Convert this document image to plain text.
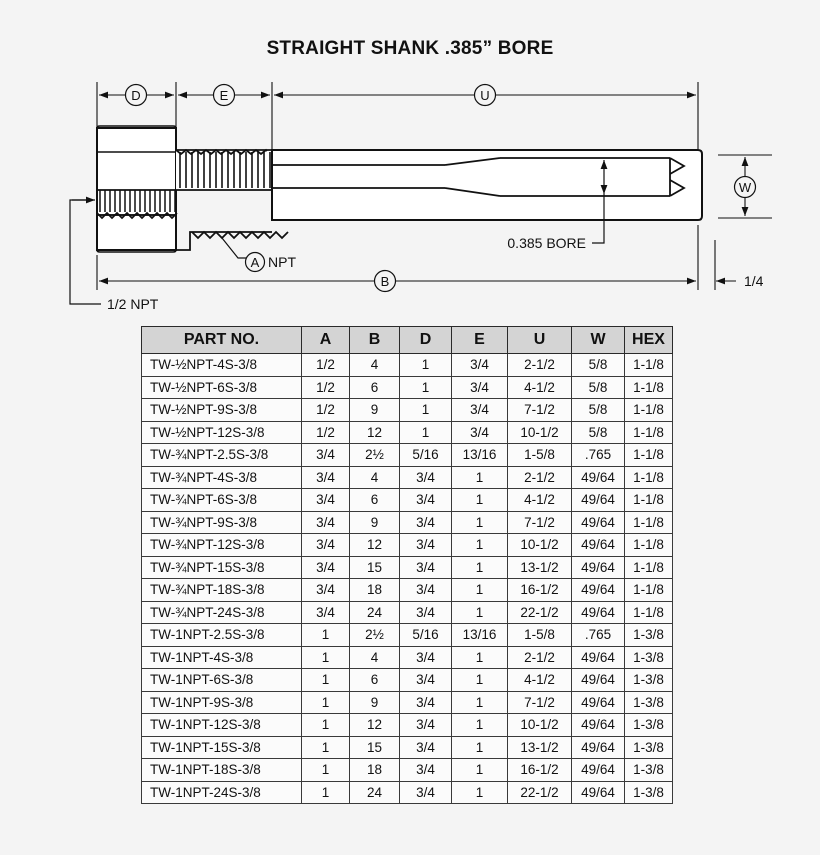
STRAIGHT SHANK .385” BORE
D	E	U
0.385 BORE
A NPT
1/2 NPT
B
W
1/4
PART NO.	A	B	D	E	U	W	HEX
TW-½NPT-4S-3/8	1/2	4	1	3/4	2-1/2	5/8	1-1/8
TW-½NPT-6S-3/8	1/2	6	1	3/4	4-1/2	5/8	1-1/8
TW-½NPT-9S-3/8	1/2	9	1	3/4	7-1/2	5/8	1-1/8
TW-½NPT-12S-3/8	1/2	12	1	3/4	10-1/2	5/8	1-1/8
TW-¾NPT-2.5S-3/8	3/4	2½	5/16	13/16	1-5/8	.765	1-1/8
TW-¾NPT-4S-3/8	3/4	4	3/4	1	2-1/2	49/64	1-1/8
TW-¾NPT-6S-3/8	3/4	6	3/4	1	4-1/2	49/64	1-1/8
TW-¾NPT-9S-3/8	3/4	9	3/4	1	7-1/2	49/64	1-1/8
TW-¾NPT-12S-3/8	3/4	12	3/4	1	10-1/2	49/64	1-1/8
TW-¾NPT-15S-3/8	3/4	15	3/4	1	13-1/2	49/64	1-1/8
TW-¾NPT-18S-3/8	3/4	18	3/4	1	16-1/2	49/64	1-1/8
TW-¾NPT-24S-3/8	3/4	24	3/4	1	22-1/2	49/64	1-1/8
TW-1NPT-2.5S-3/8	1	2½	5/16	13/16	1-5/8	.765	1-3/8
TW-1NPT-4S-3/8	1	4	3/4	1	2-1/2	49/64	1-3/8
TW-1NPT-6S-3/8	1	6	3/4	1	4-1/2	49/64	1-3/8
TW-1NPT-9S-3/8	1	9	3/4	1	7-1/2	49/64	1-3/8
TW-1NPT-12S-3/8	1	12	3/4	1	10-1/2	49/64	1-3/8
TW-1NPT-15S-3/8	1	15	3/4	1	13-1/2	49/64	1-3/8
TW-1NPT-18S-3/8	1	18	3/4	1	16-1/2	49/64	1-3/8
TW-1NPT-24S-3/8	1	24	3/4	1	22-1/2	49/64	1-3/8
